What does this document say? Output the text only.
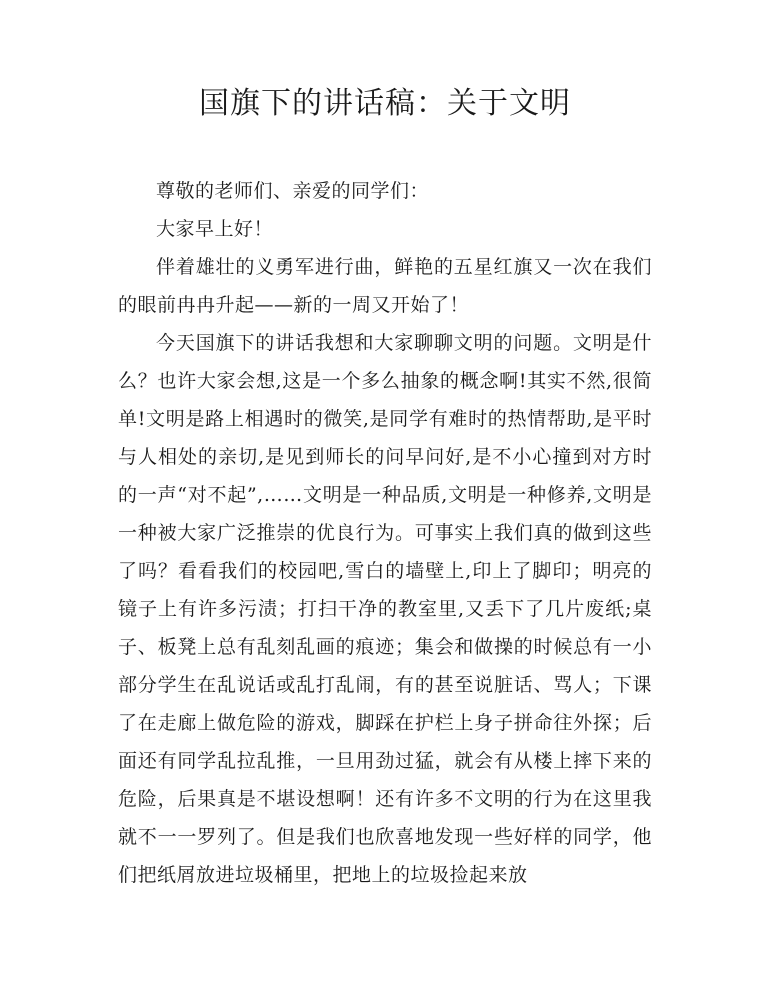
国旗下的讲话稿：关于文明

尊敬的老师们、亲爱的同学们：

大家早上好！

伴着雄壮的义勇军进行曲，鲜艳的五星红旗又一次在我们的眼前冉冉升起——新的一周又开始了！

今天国旗下的讲话我想和大家聊聊文明的问题。文明是什么？也许大家会想,这是一个多么抽象的概念啊!其实不然,很简单!文明是路上相遇时的微笑,是同学有难时的热情帮助,是平时与人相处的亲切,是见到师长的问早问好,是不小心撞到对方时的一声“对不起”,……文明是一种品质,文明是一种修养,文明是一种被大家广泛推崇的优良行为。可事实上我们真的做到这些了吗？看看我们的校园吧,雪白的墙壁上,印上了脚印；明亮的镜子上有许多污渍；打扫干净的教室里,又丢下了几片废纸;桌子、板凳上总有乱刻乱画的痕迹；集会和做操的时候总有一小部分学生在乱说话或乱打乱闹，有的甚至说脏话、骂人；下课了在走廊上做危险的游戏，脚踩在护栏上身子拼命往外探；后面还有同学乱拉乱推，一旦用劲过猛，就会有从楼上摔下来的危险，后果真是不堪设想啊！还有许多不文明的行为在这里我就不一一罗列了。但是我们也欣喜地发现一些好样的同学，他们把纸屑放进垃圾桶里，把地上的垃圾捡起来放
